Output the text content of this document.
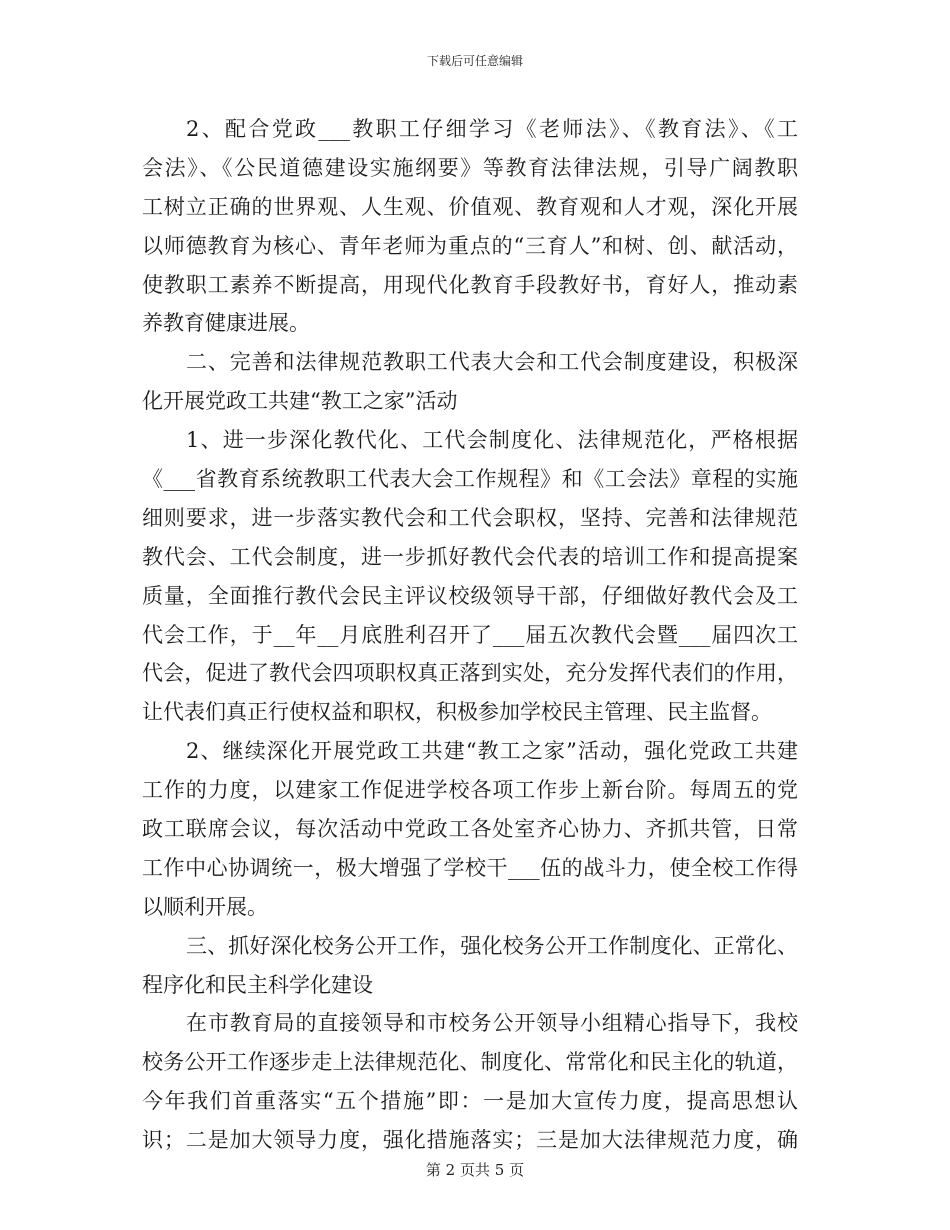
下载后可任意编辑
2、配合党政___教职工仔细学习《老师法》、《教育法》、《工
会法》、《公民道德建设实施纲要》等教育法律法规，引导广阔教职
工树立正确的世界观、人生观、价值观、教育观和人才观，深化开展
以师德教育为核心、青年老师为重点的“三育人”和树、创、献活动，
使教职工素养不断提高，用现代化教育手段教好书，育好人，推动素
养教育健康进展。
二、完善和法律规范教职工代表大会和工代会制度建设，积极深
化开展党政工共建“教工之家”活动
1、进一步深化教代化、工代会制度化、法律规范化，严格根据
《___省教育系统教职工代表大会工作规程》和《工会法》章程的实施
细则要求，进一步落实教代会和工代会职权，坚持、完善和法律规范
教代会、工代会制度，进一步抓好教代会代表的培训工作和提高提案
质量，全面推行教代会民主评议校级领导干部，仔细做好教代会及工
代会工作，于__年__月底胜利召开了___届五次教代会暨___届四次工
代会，促进了教代会四项职权真正落到实处，充分发挥代表们的作用，
让代表们真正行使权益和职权，积极参加学校民主管理、民主监督。
2、继续深化开展党政工共建“教工之家”活动，强化党政工共建
工作的力度，以建家工作促进学校各项工作步上新台阶。每周五的党
政工联席会议，每次活动中党政工各处室齐心协力、齐抓共管，日常
工作中心协调统一，极大增强了学校干___伍的战斗力，使全校工作得
以顺利开展。
三、抓好深化校务公开工作，强化校务公开工作制度化、正常化、
程序化和民主科学化建设
在市教育局的直接领导和市校务公开领导小组精心指导下，我校
校务公开工作逐步走上法律规范化、制度化、常常化和民主化的轨道，
今年我们首重落实“五个措施”即：一是加大宣传力度，提高思想认
识；二是加大领导力度，强化措施落实；三是加大法律规范力度，确
第 2 页共 5 页
